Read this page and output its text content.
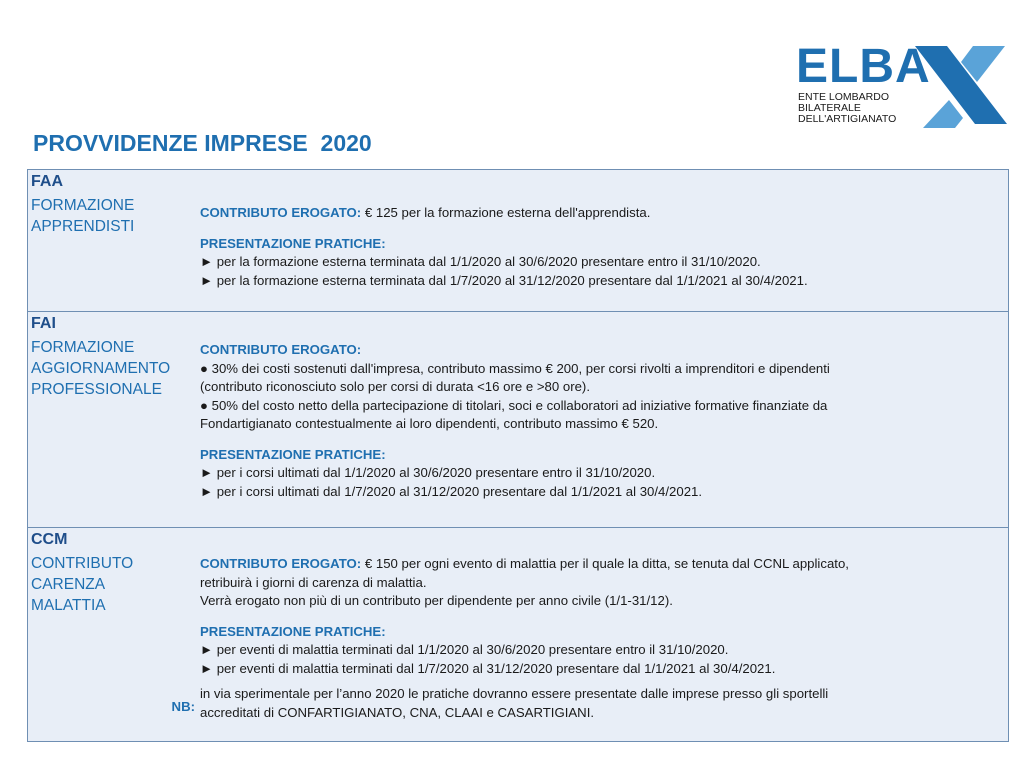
ELBA
ENTE LOMBARDO
BILATERALE
DELL'ARTIGIANATO
PROVVIDENZE IMPRESE  2020
FAA
FORMAZIONE
APPRENDISTI

CONTRIBUTO EROGATO: € 125 per la formazione esterna dell'apprendista.

PRESENTAZIONE PRATICHE:

► per la formazione esterna terminata dal 1/1/2020 al 30/6/2020 presentare entro il 31/10/2020.

► per la formazione esterna terminata dal 1/7/2020 al 31/12/2020 presentare dal 1/1/2021 al 30/4/2021.

FAI
FORMAZIONE
AGGIORNAMENTO
PROFESSIONALE

CONTRIBUTO EROGATO:

● 30% dei costi sostenuti dall'impresa, contributo massimo € 200, per corsi rivolti a imprenditori e dipendenti

(contributo riconosciuto solo per corsi di durata <16 ore e >80 ore).

● 50% del costo netto della partecipazione di titolari, soci e collaboratori ad iniziative formative finanziate da

Fondartigianato contestualmente ai loro dipendenti, contributo massimo € 520.

PRESENTAZIONE PRATICHE:

► per i corsi ultimati dal 1/1/2020 al 30/6/2020 presentare entro il 31/10/2020.

► per i corsi ultimati dal 1/7/2020 al 31/12/2020 presentare dal 1/1/2021 al 30/4/2021.

CCM
CONTRIBUTO
CARENZA
MALATTIA

CONTRIBUTO EROGATO: € 150 per ogni evento di malattia per il quale la ditta, se tenuta dal CCNL applicato,

retribuirà i giorni di carenza di malattia.

Verrà erogato non più di un contributo per dipendente per anno civile (1/1-31/12).

PRESENTAZIONE PRATICHE:

► per eventi di malattia terminati dal 1/1/2020 al 30/6/2020 presentare entro il 31/10/2020.

► per eventi di malattia terminati dal 1/7/2020 al 31/12/2020 presentare dal 1/1/2021 al 30/4/2021.

in via sperimentale per l’anno 2020 le pratiche dovranno essere presentate dalle imprese presso gli sportelli

accreditati di CONFARTIGIANATO, CNA, CLAAI e CASARTIGIANI.

NB:
